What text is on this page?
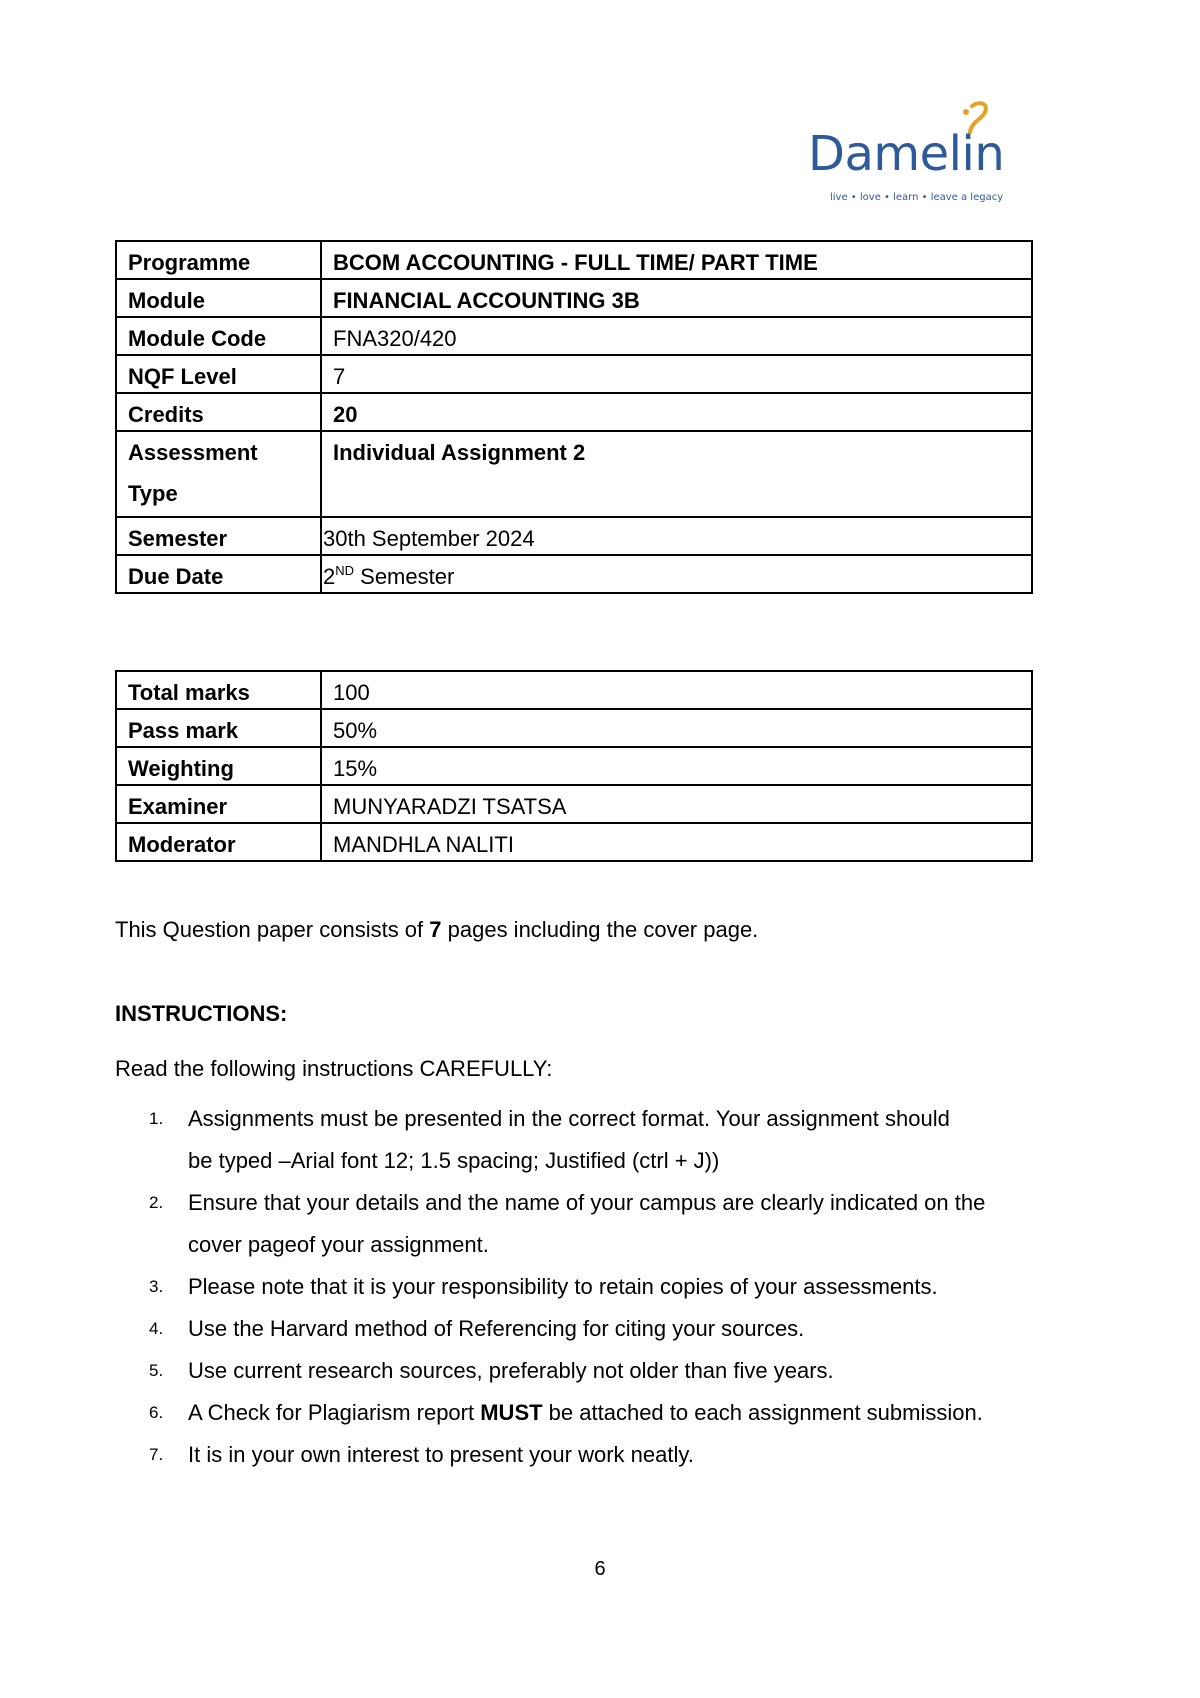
Damelin
live • love • learn • leave a legacy
Programme	BCOM ACCOUNTING - FULL TIME/ PART TIME
Module	FINANCIAL ACCOUNTING 3B
Module Code	FNA320/420
NQF Level	7
Credits	20
Assessment Type	Individual Assignment 2
Semester	30th September 2024
Due Date	2ND Semester
Total marks	100
Pass mark	50%
Weighting	15%
Examiner	MUNYARADZI TSATSA
Moderator	MANDHLA NALITI
This Question paper consists of 7 pages including the cover page.
INSTRUCTIONS:
Read the following instructions CAREFULLY:
1. Assignments must be presented in the correct format. Your assignment should
be typed –Arial font 12; 1.5 spacing; Justified (ctrl + J))
2. Ensure that your details and the name of your campus are clearly indicated on the
cover pageof your assignment.
3. Please note that it is your responsibility to retain copies of your assessments.
4. Use the Harvard method of Referencing for citing your sources.
5. Use current research sources, preferably not older than five years.
6. A Check for Plagiarism report MUST be attached to each assignment submission.
7. It is in your own interest to present your work neatly.
6
